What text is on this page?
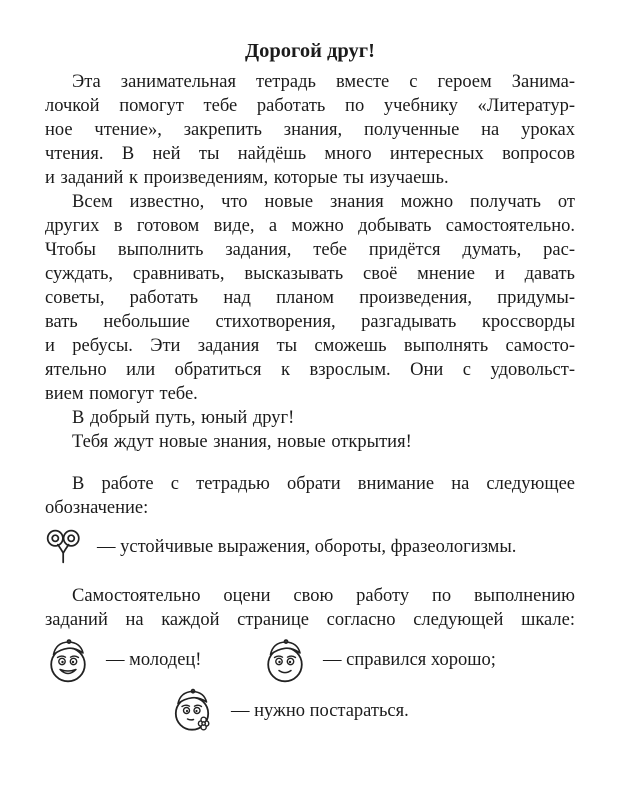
Дорогой друг!
Эта занимательная тетрадь вместе с героем Занима-
лочкой помогут тебе работать по учебнику «Литератур-
ное чтение», закрепить знания, полученные на уроках
чтения. В ней ты найдёшь много интересных вопросов
и заданий к произведениям, которые ты изучаешь.
Всем известно, что новые знания можно получать от
других в готовом виде, а можно добывать самостоятельно.
Чтобы выполнить задания, тебе придётся думать, рас-
суждать, сравнивать, высказывать своё мнение и давать
советы, работать над планом произведения, придумы-
вать небольшие стихотворения, разгадывать кроссворды
и ребусы. Эти задания ты сможешь выполнять самосто-
ятельно или обратиться к взрослым. Они с удовольст-
вием помогут тебе.
В добрый путь, юный друг!
Тебя ждут новые знания, новые открытия!
В работе с тетрадью обрати внимание на следующее
обозначение:
— устойчивые выражения, обороты, фразеологизмы.
Самостоятельно оцени свою работу по выполнению
заданий на каждой странице согласно следующей шкале:
— молодец!	— справился хорошо;
— нужно постараться.
